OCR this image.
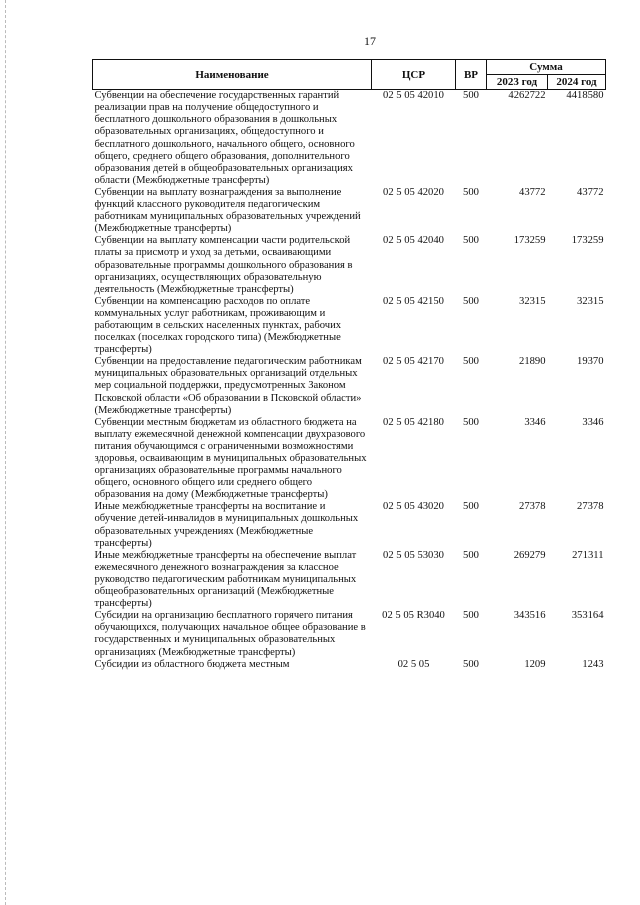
17
Наименование	ЦСР	ВР	Сумма	
			2023 год	2024 год
Субвенции на обеспечение государственных гарантий реализации прав на получение общедоступного и бесплатного дошкольного образования в дошкольных образовательных организациях, общедоступного и бесплатного дошкольного, начального общего, основного общего, среднего общего образования, дополнительного образования детей в общеобразовательных организациях области (Межбюджетные трансферты)	02 5 05 42010	500	4262722	4418580
Субвенции на выплату вознаграждения за выполнение функций классного руководителя педагогическим работникам муниципальных образовательных учреждений (Межбюджетные трансферты)	02 5 05 42020	500	43772	43772
Субвенции на выплату компенсации части родительской платы за присмотр и уход за детьми, осваивающими образовательные программы дошкольного образования в организациях, осуществляющих образовательную деятельность (Межбюджетные трансферты)	02 5 05 42040	500	173259	173259
Субвенции на компенсацию расходов по оплате коммунальных услуг работникам, проживающим и работающим в сельских населенных пунктах, рабочих поселках (поселках городского типа) (Межбюджетные трансферты)	02 5 05 42150	500	32315	32315
Субвенции на предоставление педагогическим работникам муниципальных образовательных организаций отдельных мер социальной поддержки, предусмотренных Законом Псковской области «Об образовании в Псковской области» (Межбюджетные трансферты)	02 5 05 42170	500	21890	19370
Субвенции местным бюджетам из областного бюджета на выплату ежемесячной денежной компенсации двухразового питания обучающимся с ограниченными возможностями здоровья, осваивающим в муниципальных образовательных организациях образовательные программы начального общего, основного общего или среднего общего образования на дому (Межбюджетные трансферты)	02 5 05 42180	500	3346	3346
Иные межбюджетные трансферты на воспитание и обучение детей-инвалидов в муниципальных дошкольных образовательных учреждениях (Межбюджетные трансферты)	02 5 05 43020	500	27378	27378
Иные межбюджетные трансферты на обеспечение выплат ежемесячного денежного вознаграждения за классное руководство педагогическим работникам муниципальных общеобразовательных организаций (Межбюджетные трансферты)	02 5 05 53030	500	269279	271311
Субсидии на организацию бесплатного горячего питания обучающихся, получающих начальное общее образование в государственных и муниципальных образовательных организациях (Межбюджетные трансферты)	02 5 05 R3040	500	343516	353164
Субсидии из областного бюджета местным	02 5 05	500	1209	1243
